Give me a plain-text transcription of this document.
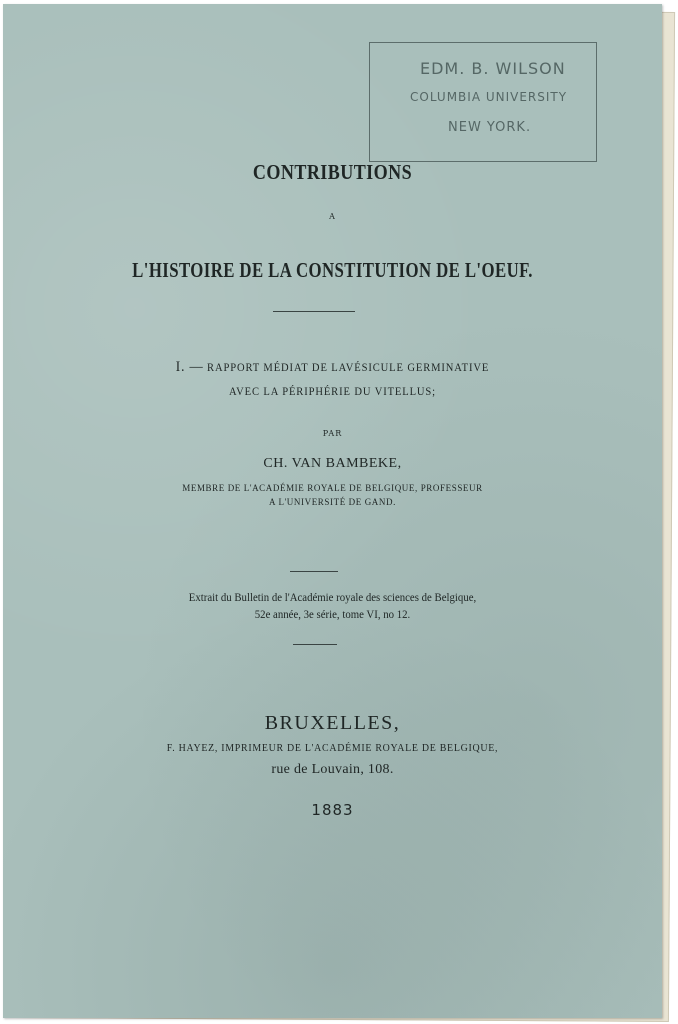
EDM. B. WILSON
COLUMBIA UNIVERSITY
NEW YORK.
CONTRIBUTIONS
A
L'HISTOIRE DE LA CONSTITUTION DE L'OEUF.
I. — RAPPORT MÉDIAT DE LAVÉSICULE GERMINATIVE
AVEC LA PÉRIPHÉRIE DU VITELLUS;
PAR
CH. VAN BAMBEKE,
MEMBRE DE L'ACADÉMIE ROYALE DE BELGIQUE, PROFESSEUR
A L'UNIVERSITÉ DE GAND.
Extrait du Bulletin de l'Académie royale des sciences de Belgique,
52e année, 3e série, tome VI, no 12.
BRUXELLES,
F. HAYEZ, IMPRIMEUR DE L'ACADÉMIE ROYALE DE BELGIQUE,
rue de Louvain, 108.
1883
